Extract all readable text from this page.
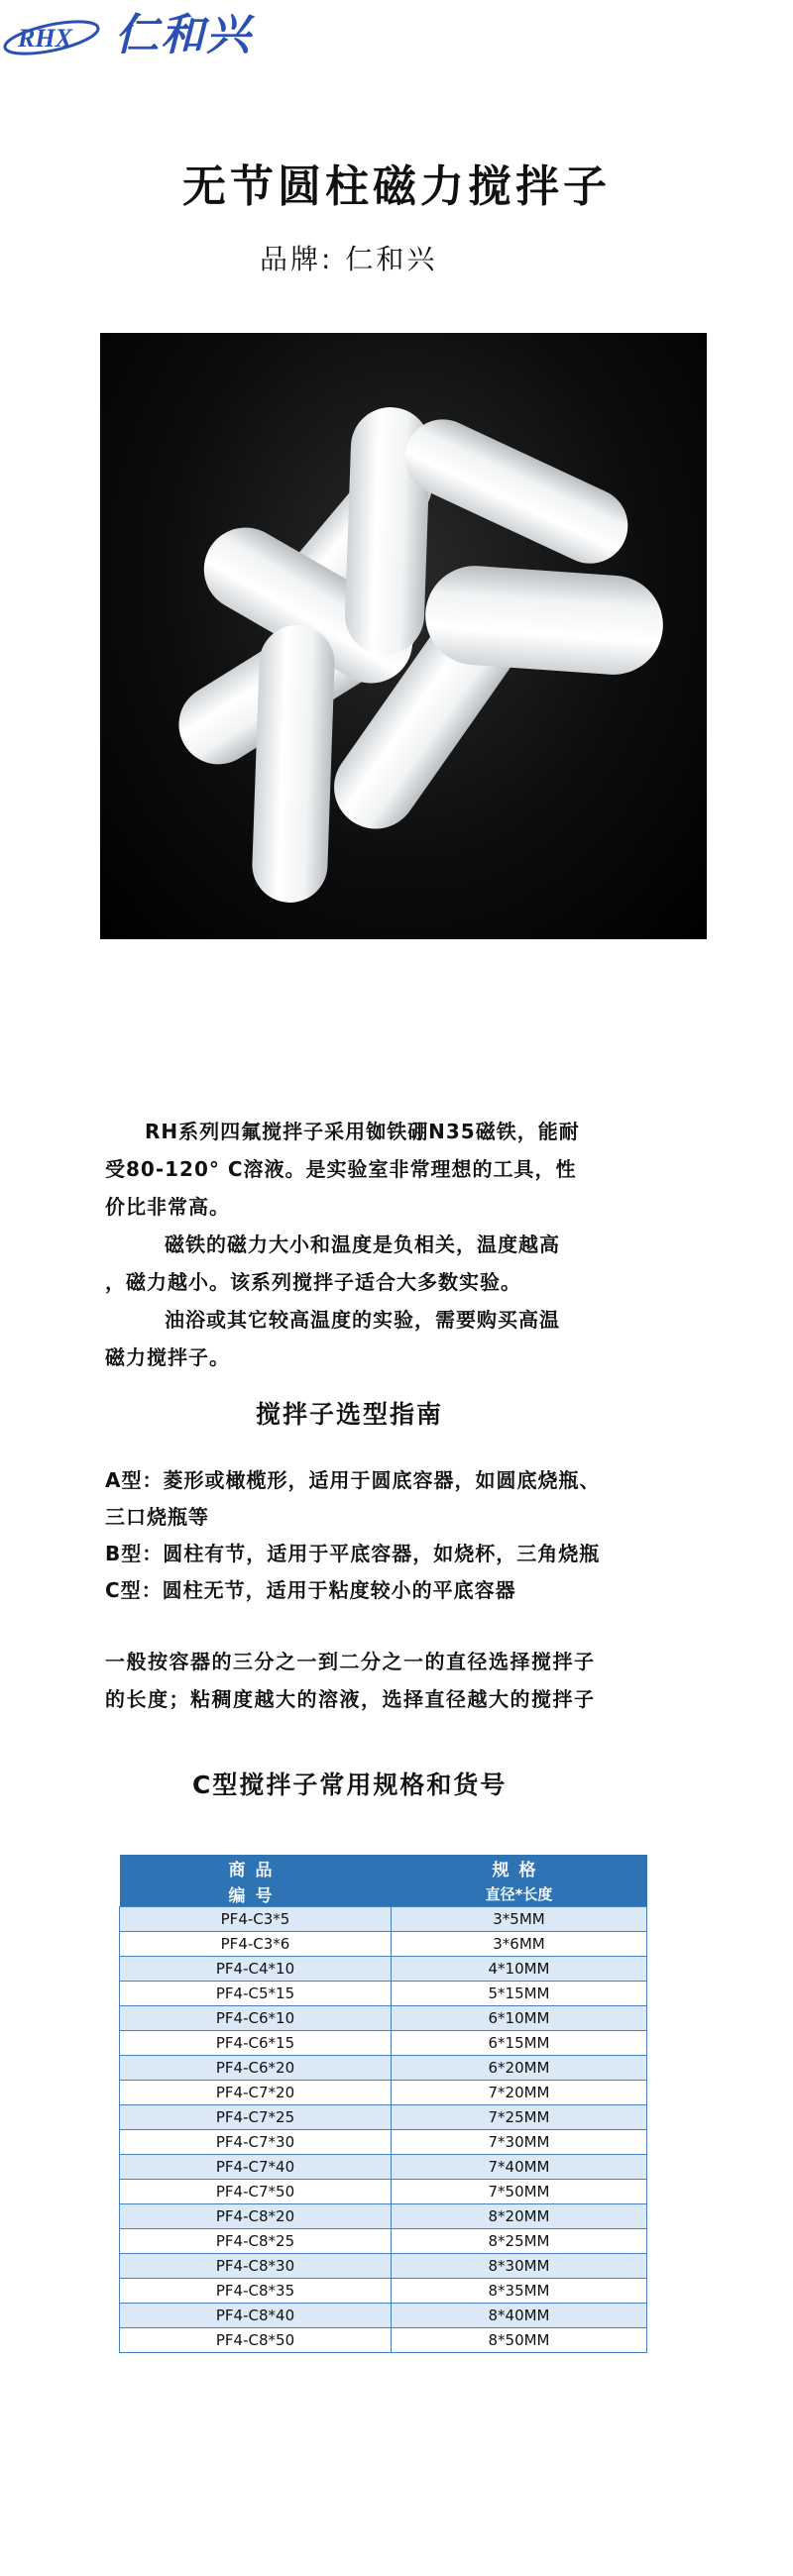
RHX 仁和兴
无节圆柱磁力搅拌子
品牌: 仁和兴

RH系列四氟搅拌子采用铷铁硼N35磁铁，能耐

受80-120° C溶液。是实验室非常理想的工具，性

价比非常高。

磁铁的磁力大小和温度是负相关，温度越高

，磁力越小。该系列搅拌子适合大多数实验。

油浴或其它较高温度的实验，需要购买高温

磁力搅拌子。

搅拌子选型指南

A型：菱形或橄榄形，适用于圆底容器，如圆底烧瓶、

三口烧瓶等

B型：圆柱有节，适用于平底容器，如烧杯，三角烧瓶

C型：圆柱无节，适用于粘度较小的平底容器

一般按容器的三分之一到二分之一的直径选择搅拌子

的长度；粘稠度越大的溶液，选择直径越大的搅拌子

C型搅拌子常用规格和货号
商品	规格
编号	直径*长度
PF4-C3*5	3*5MM
PF4-C3*6	3*6MM
PF4-C4*10	4*10MM
PF4-C5*15	5*15MM
PF4-C6*10	6*10MM
PF4-C6*15	6*15MM
PF4-C6*20	6*20MM
PF4-C7*20	7*20MM
PF4-C7*25	7*25MM
PF4-C7*30	7*30MM
PF4-C7*40	7*40MM
PF4-C7*50	7*50MM
PF4-C8*20	8*20MM
PF4-C8*25	8*25MM
PF4-C8*30	8*30MM
PF4-C8*35	8*35MM
PF4-C8*40	8*40MM
PF4-C8*50	8*50MM
